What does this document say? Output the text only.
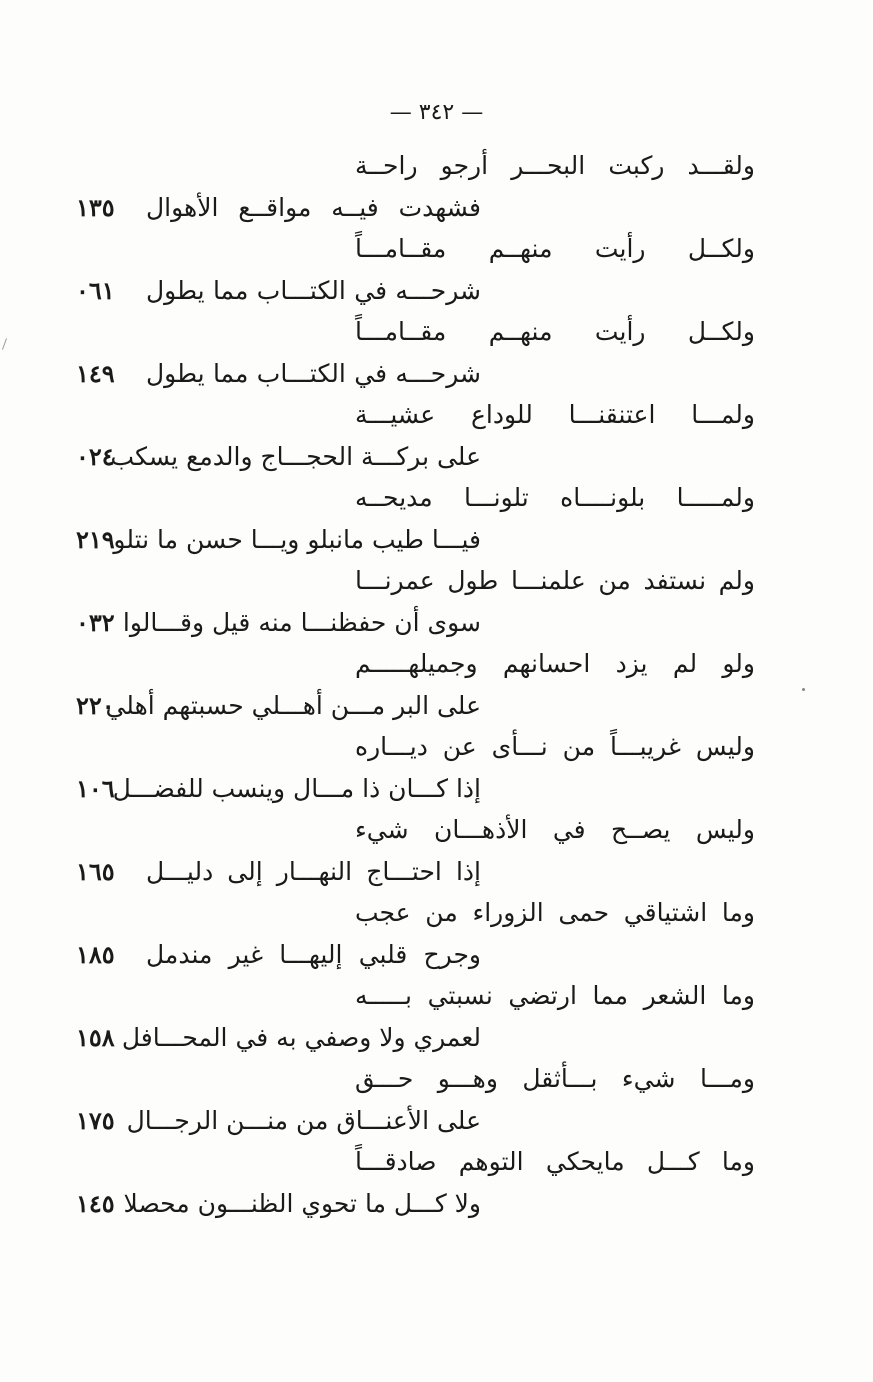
— ٣٤٢ —
ولقـــد ركبت البحـــر أرجو راحــة
فشهدت فيــه مواقــع الأهوال
١٣٥
ولكــل رأيت منهــم مقــامـــاً
شرحـــه في الكتـــاب مما يطول
٠٦١
ولكــل رأيت منهــم مقــامـــاً
شرحـــه في الكتـــاب مما يطول
١٤٩
ولمـــا اعتنقنـــا للوداع عشيـــة
على بركـــة الحجـــاج والدمع يسكب
٠٢٤
ولمـــــا بلونــــاه تلونـــا مديحــه
فيـــا طيب مانبلو ويـــا حسن ما نتلو
٢١٩
ولم نستفد من علمنـــا طول عمرنـــا
سوى أن حفظنـــا منه قيل وقـــالوا
٠٣٢
ولو لم يزد احسانهم وجميلهـــــم
على البر مـــن أهـــلي حسبتهم أهلي
٢٢٠
وليس غريبـــاً من نـــأى عن ديـــاره
إذا كـــان ذا مـــال وينسب للفضـــل
١٠٦
وليس يصــح في الأذهـــان شيء
إذا احتـــاج النهـــار إلى دليـــل
١٦٥
وما اشتياقي حمى الزوراء من عجب
وجرح قلبي إليهـــا غير مندمل
١٨٥
وما الشعر مما ارتضي نسبتي بـــــه
لعمري ولا وصفي به في المحـــافل
١٥٨
ومـــا شيء بـــأثقل وهـــو حـــق
على الأعنـــاق من منـــن الرجـــال
١٧٥
وما كـــل مايحكي التوهم صادقـــاً
ولا كـــل ما تحوي الظنـــون محصلا
١٤٥
